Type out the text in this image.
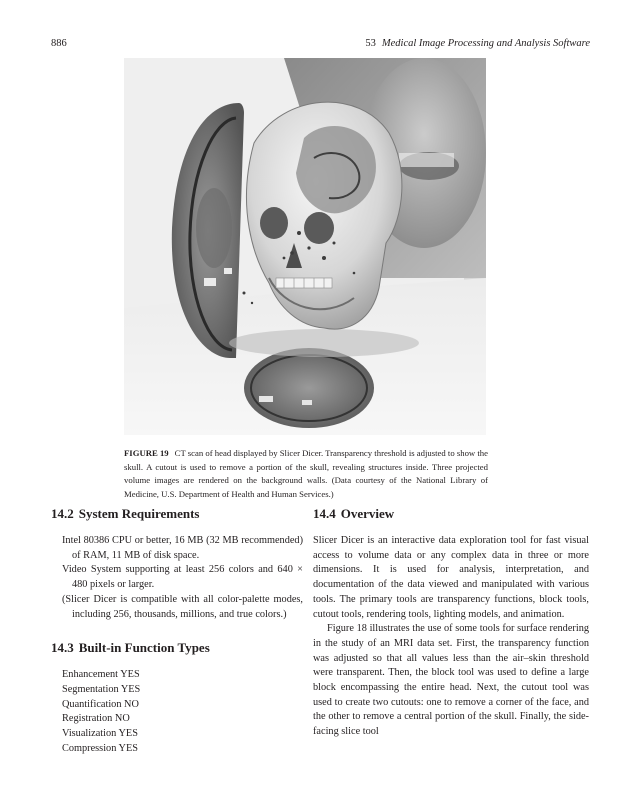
886	53 Medical Image Processing and Analysis Software
FIGURE 19 CT scan of head displayed by Slicer Dicer. Transparency threshold is adjusted to show the skull. A cutout is used to remove a portion of the skull, revealing structures inside. Three projected volume images are rendered on the background walls. (Data courtesy of the National Library of Medicine, U.S. Department of Health and Human Services.)
14.2 System Requirements

Intel 80386 CPU or better, 16 MB (32 MB recommended) of RAM, 11 MB of disk space.

Video System supporting at least 256 colors and 640 × 480 pixels or larger.

(Slicer Dicer is compatible with all color-palette modes, including 256, thousands, millions, and true colors.)

14.3 Built-in Function Types
Enhancement YES
Segmentation YES
Quantification NO
Registration NO
Visualization YES
Compression YES
14.4 Overview

Slicer Dicer is an interactive data exploration tool for fast visual access to volume data or any complex data in three or more dimensions. It is used for analysis, interpretation, and documentation of the data viewed and manipulated with various tools. The primary tools are transparency functions, block tools, cutout tools, rendering tools, lighting models, and animation.

Figure 18 illustrates the use of some tools for surface rendering in the study of an MRI data set. First, the transparency function was adjusted so that all values less than the air–skin threshold were transparent. Then, the block tool was used to define a large block encompassing the entire head. Next, the cutout tool was used to create two cutouts: one to remove a corner of the face, and the other to remove a central portion of the skull. Finally, the side-facing slice tool
